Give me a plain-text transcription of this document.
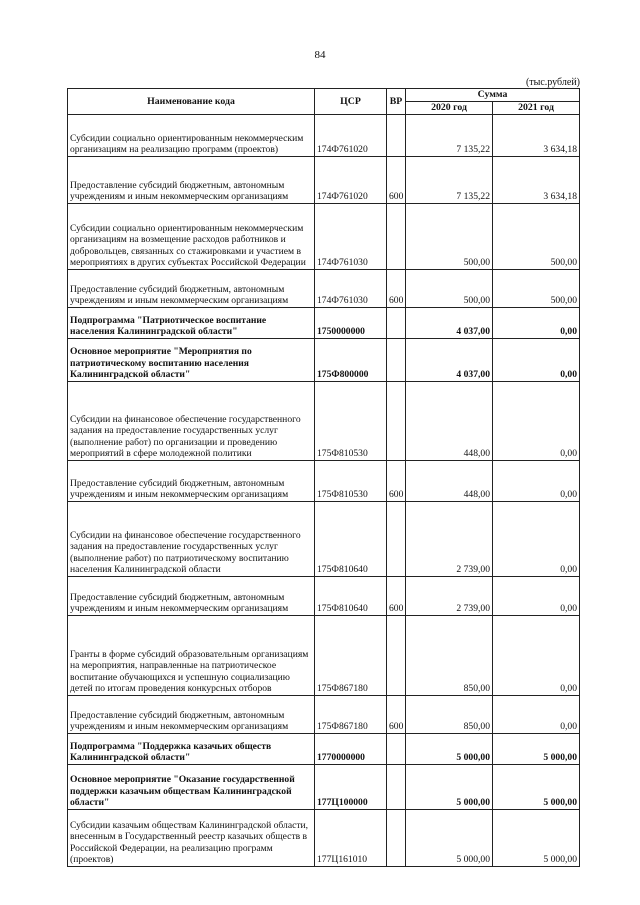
84
(тыс.рублей)
Наименование кода	ЦСР	ВР	Сумма	
			2020 год	2021 год
Субсидии социально ориентированным некоммерческим организациям на реализацию программ (проектов)	174Ф761020		7 135,22	3 634,18
Предоставление субсидий бюджетным, автономным учреждениям и иным некоммерческим организациям	174Ф761020	600	7 135,22	3 634,18
Субсидии социально ориентированным некоммерческим организациям на возмещение расходов работников и добровольцев, связанных со стажировками и участием в мероприятиях в других субъектах Российской Федерации	174Ф761030		500,00	500,00
Предоставление субсидий бюджетным, автономным учреждениям и иным некоммерческим организациям	174Ф761030	600	500,00	500,00
Подпрограмма "Патриотическое воспитание населения Калининградской области"	1750000000		4 037,00	0,00
Основное мероприятие "Мероприятия по патриотическому воспитанию населения Калининградской области"	175Ф800000		4 037,00	0,00
Субсидии на финансовое обеспечение государственного задания на предоставление государственных услуг (выполнение работ) по организации и проведению мероприятий в сфере молодежной политики	175Ф810530		448,00	0,00
Предоставление субсидий бюджетным, автономным учреждениям и иным некоммерческим организациям	175Ф810530	600	448,00	0,00
Субсидии на финансовое обеспечение государственного задания на предоставление государственных услуг (выполнение работ) по патриотическому воспитанию населения Калининградской области	175Ф810640		2 739,00	0,00
Предоставление субсидий бюджетным, автономным учреждениям и иным некоммерческим организациям	175Ф810640	600	2 739,00	0,00
Гранты в форме субсидий образовательным организациям на мероприятия, направленные на патриотическое воспитание обучающихся и успешную социализацию детей по итогам проведения конкурсных отборов	175Ф867180		850,00	0,00
Предоставление субсидий бюджетным, автономным учреждениям и иным некоммерческим организациям	175Ф867180	600	850,00	0,00
Подпрограмма "Поддержка казачьих обществ Калининградской области"	1770000000		5 000,00	5 000,00
Основное мероприятие "Оказание государственной поддержки казачьим обществам Калининградской области"	177Ц100000		5 000,00	5 000,00
Субсидии казачьим обществам Калининградской области, внесенным в Государственный реестр казачьих обществ в Российской Федерации, на реализацию программ (проектов)	177Ц161010		5 000,00	5 000,00
